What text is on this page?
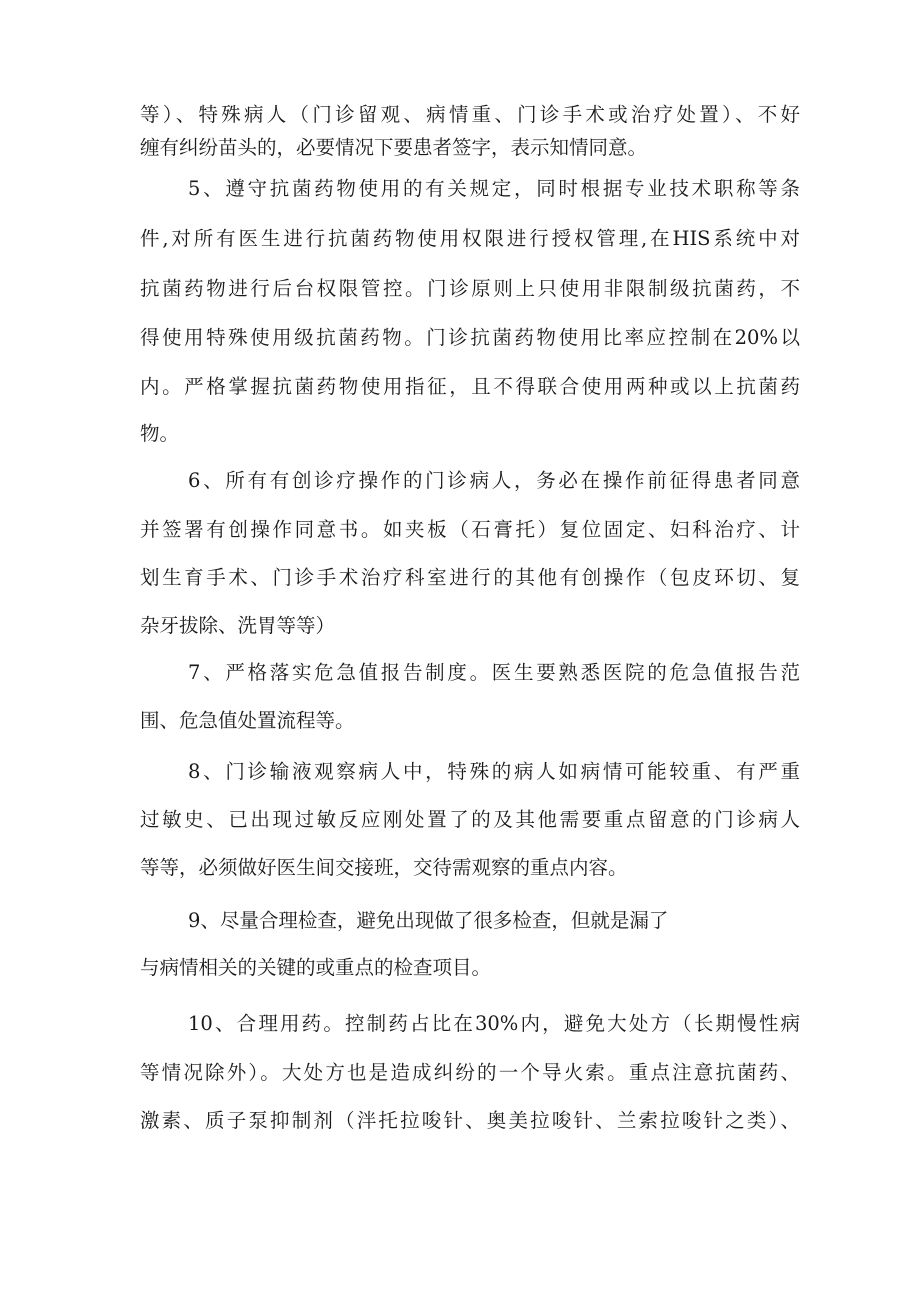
等）、特殊病人（门诊留观、病情重、门诊手术或治疗处置）、不好
缠有纠纷苗头的，必要情况下要患者签字，表示知情同意。
5、遵守抗菌药物使用的有关规定，同时根据专业技术职称等条
件,对所有医生进行抗菌药物使用权限进行授权管理,在HIS系统中对
抗菌药物进行后台权限管控。门诊原则上只使用非限制级抗菌药，不
得使用特殊使用级抗菌药物。门诊抗菌药物使用比率应控制在20%以
内。严格掌握抗菌药物使用指征，且不得联合使用两种或以上抗菌药
物。
6、所有有创诊疗操作的门诊病人，务必在操作前征得患者同意
并签署有创操作同意书。如夹板（石膏托）复位固定、妇科治疗、计
划生育手术、门诊手术治疗科室进行的其他有创操作（包皮环切、复
杂牙拔除、洗胃等等）
7、严格落实危急值报告制度。医生要熟悉医院的危急值报告范
围、危急值处置流程等。
8、门诊输液观察病人中，特殊的病人如病情可能较重、有严重
过敏史、已出现过敏反应刚处置了的及其他需要重点留意的门诊病人
等等，必须做好医生间交接班，交待需观察的重点内容。
9、尽量合理检查，避免出现做了很多检查，但就是漏了
与病情相关的关键的或重点的检查项目。
10、合理用药。控制药占比在30%内，避免大处方（长期慢性病
等情况除外）。大处方也是造成纠纷的一个导火索。重点注意抗菌药、
激素、质子泵抑制剂（泮托拉唆针、奥美拉唆针、兰索拉唆针之类）、
